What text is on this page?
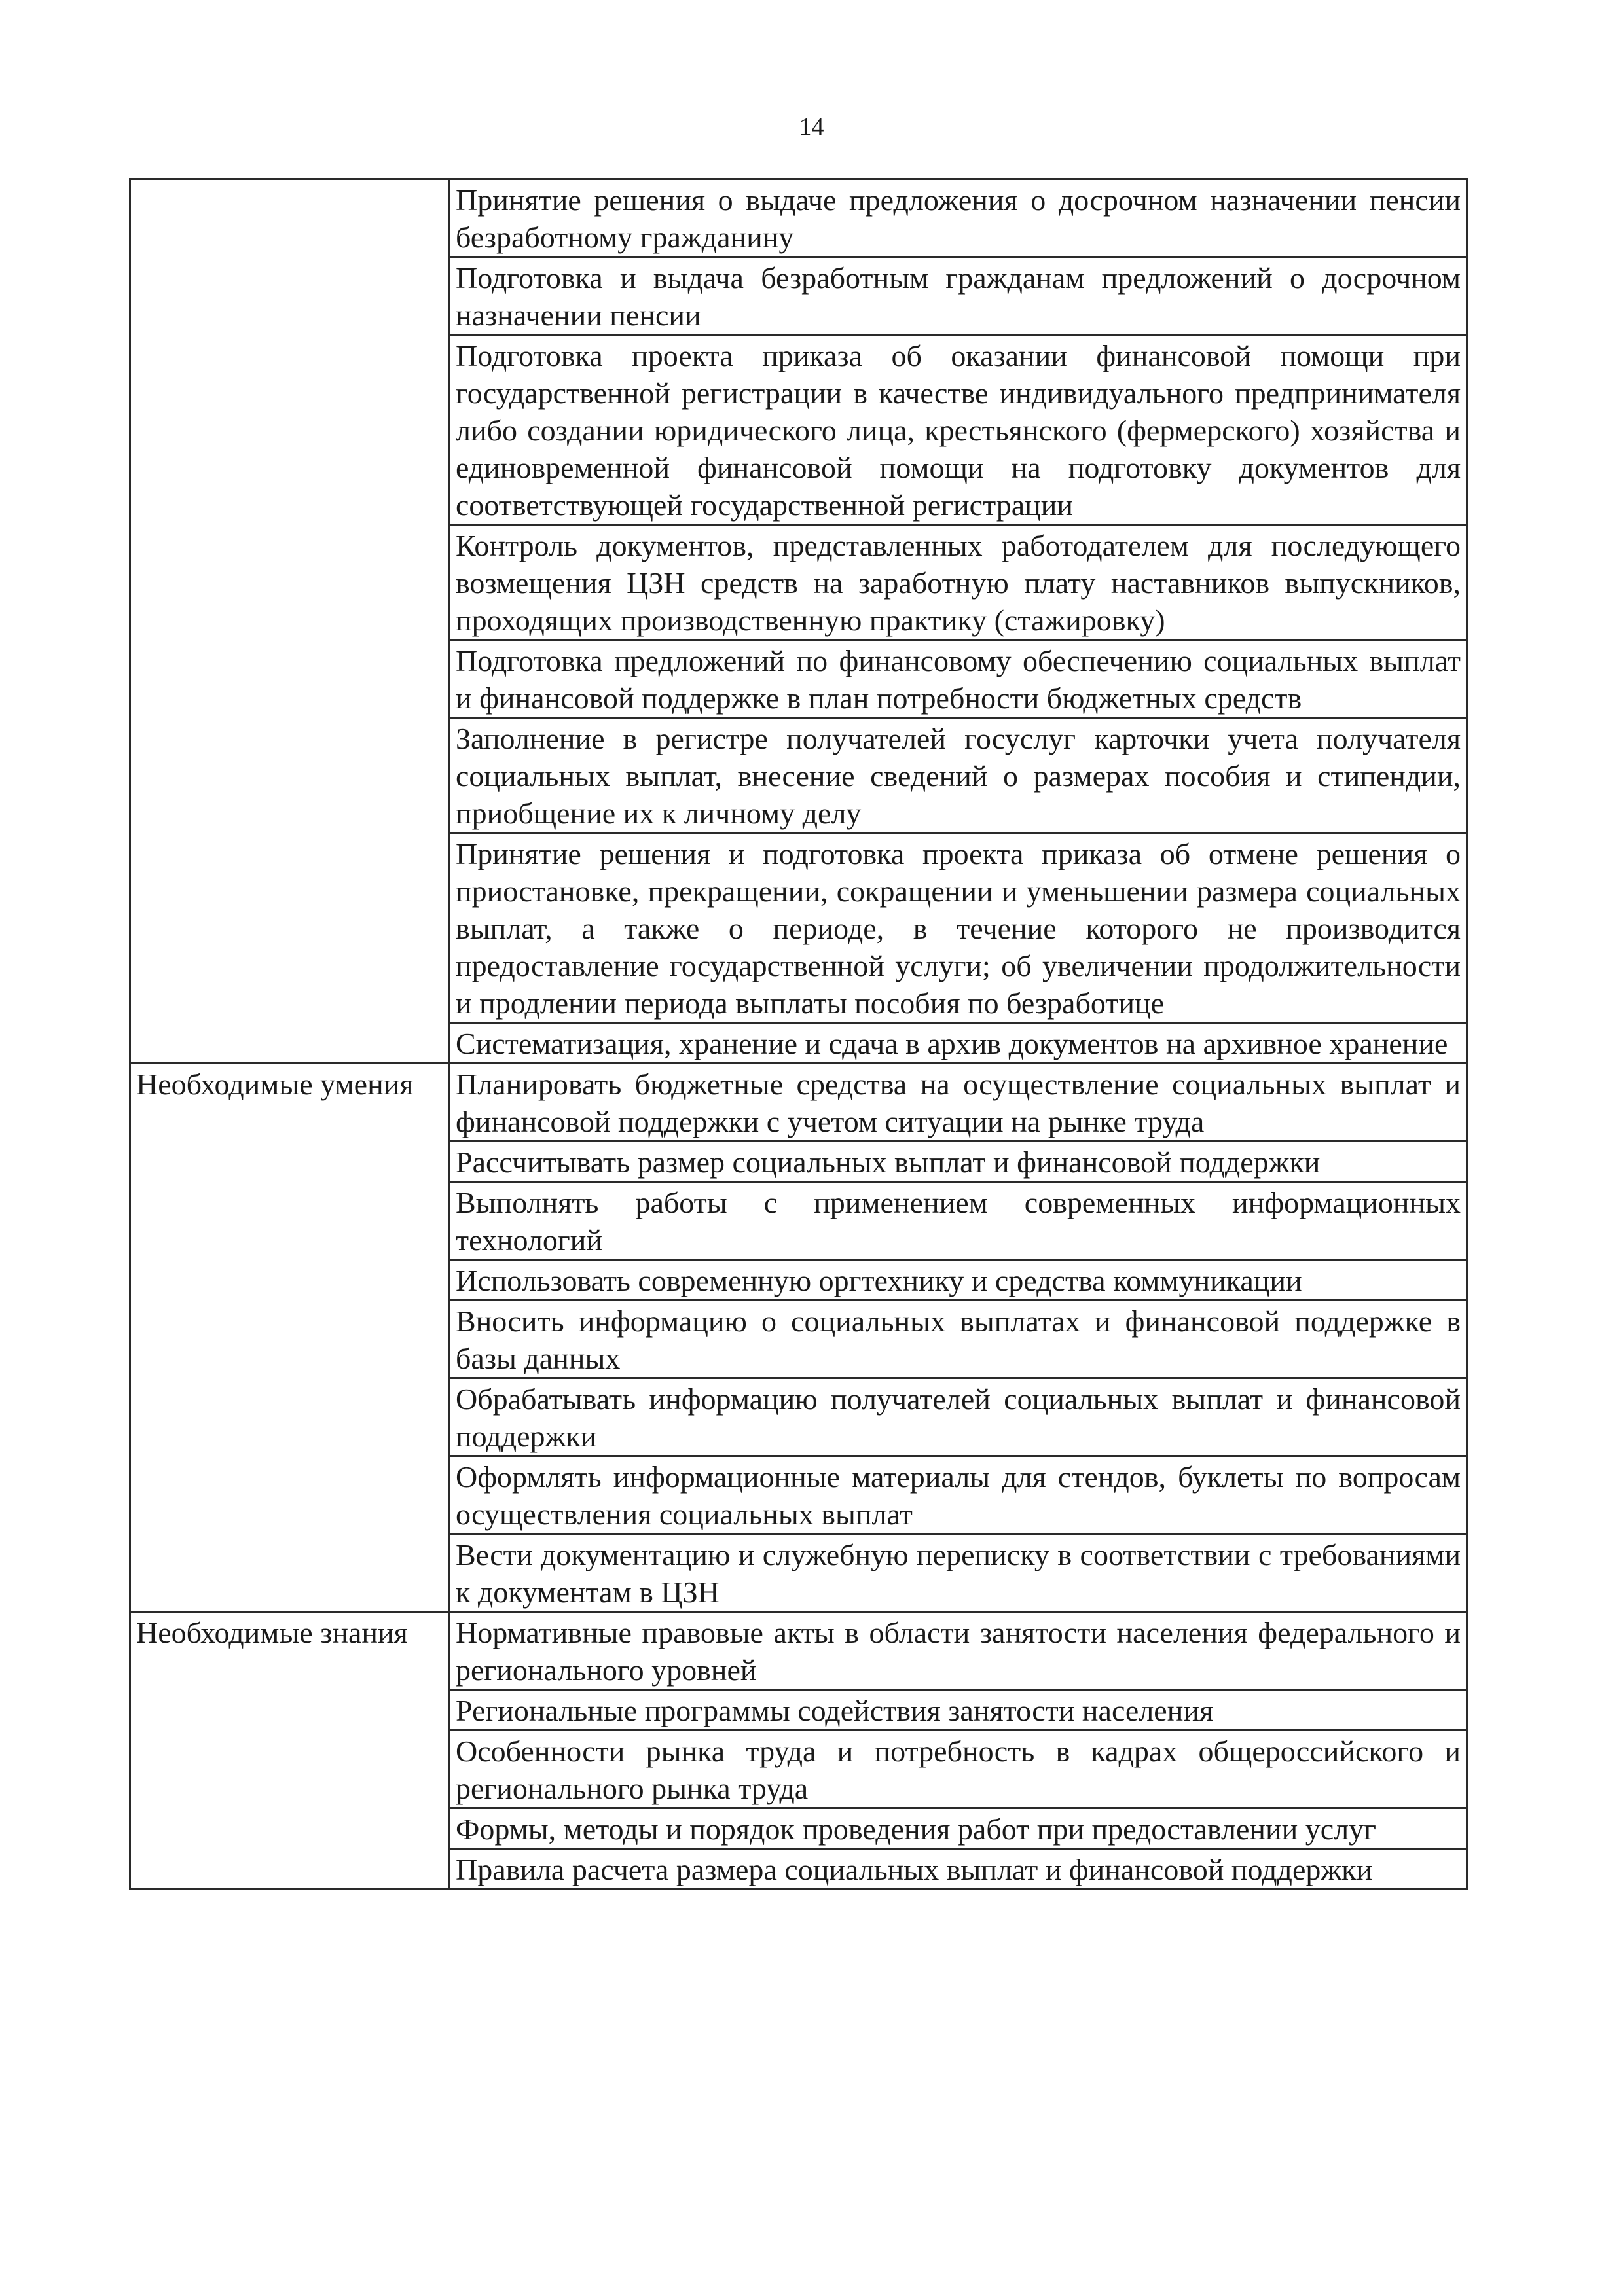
14
	Принятие решения о выдаче предложения о досрочном назначении пенсии безработному гражданину
	Подготовка и выдача безработным гражданам предложений о досрочном назначении пенсии
	Подготовка проекта приказа об оказании финансовой помощи при государственной регистрации в качестве индивидуального предпринимателя либо создании юридического лица, крестьянского (фермерского) хозяйства и единовременной финансовой помощи на подготовку документов для соответствующей государственной регистрации
	Контроль документов, представленных работодателем для последующего возмещения ЦЗН средств на заработную плату наставников выпускников, проходящих производственную практику (стажировку)
	Подготовка предложений по финансовому обеспечению социальных выплат и финансовой поддержке в план потребности бюджетных средств
	Заполнение в регистре получателей госуслуг карточки учета получателя социальных выплат, внесение сведений о размерах пособия и стипендии, приобщение их к личному делу
	Принятие решения и подготовка проекта приказа об отмене решения о приостановке, прекращении, сокращении и уменьшении размера социальных выплат, а также о периоде, в течение которого не производится предоставление государственной услуги; об увеличении продолжительности и продлении периода выплаты пособия по безработице
	Систематизация, хранение и сдача в архив документов на архивное хранение
Необходимые умения	Планировать бюджетные средства на осуществление социальных выплат и финансовой поддержки с учетом ситуации на рынке труда
	Рассчитывать размер социальных выплат и финансовой поддержки
	Выполнять работы с применением современных информационных технологий
	Использовать современную оргтехнику и средства коммуникации
	Вносить информацию о социальных выплатах и финансовой поддержке в базы данных
	Обрабатывать информацию получателей социальных выплат и финансовой поддержки
	Оформлять информационные материалы для стендов, буклеты по вопросам осуществления социальных выплат
	Вести документацию и служебную переписку в соответствии с требованиями к документам в ЦЗН
Необходимые знания	Нормативные правовые акты в области занятости населения федерального и регионального уровней
	Региональные программы содействия занятости населения
	Особенности рынка труда и потребность в кадрах общероссийского и регионального рынка труда
	Формы, методы и порядок проведения работ при предоставлении услуг
	Правила расчета размера социальных выплат и финансовой поддержки
